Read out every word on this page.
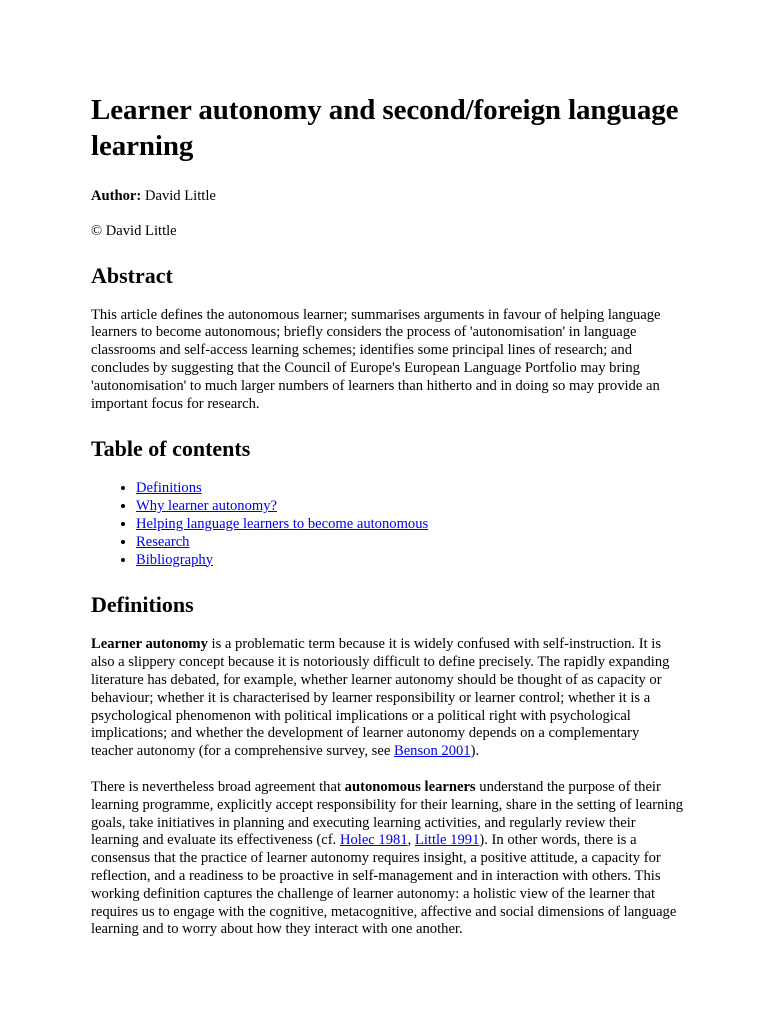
Learner autonomy and second/foreign language learning

Author: David Little

© David Little

Abstract

This article defines the autonomous learner; summarises arguments in favour of helping language learners to become autonomous; briefly considers the process of 'autonomisation' in language classrooms and self-access learning schemes; identifies some principal lines of research; and concludes by suggesting that the Council of Europe's European Language Portfolio may bring 'autonomisation' to much larger numbers of learners than hitherto and in doing so may provide an important focus for research.

Table of contents
• Definitions
• Why learner autonomy?
• Helping language learners to become autonomous
• Research
• Bibliography
Definitions

Learner autonomy is a problematic term because it is widely confused with self-instruction. It is also a slippery concept because it is notoriously difficult to define precisely. The rapidly expanding literature has debated, for example, whether learner autonomy should be thought of as capacity or behaviour; whether it is characterised by learner responsibility or learner control; whether it is a psychological phenomenon with political implications or a political right with psychological implications; and whether the development of learner autonomy depends on a complementary teacher autonomy (for a comprehensive survey, see Benson 2001).

There is nevertheless broad agreement that autonomous learners understand the purpose of their learning programme, explicitly accept responsibility for their learning, share in the setting of learning goals, take initiatives in planning and executing learning activities, and regularly review their learning and evaluate its effectiveness (cf. Holec 1981, Little 1991). In other words, there is a consensus that the practice of learner autonomy requires insight, a positive attitude, a capacity for reflection, and a readiness to be proactive in self-management and in interaction with others. This working definition captures the challenge of learner autonomy: a holistic view of the learner that requires us to engage with the cognitive, metacognitive, affective and social dimensions of language learning and to worry about how they interact with one another.
